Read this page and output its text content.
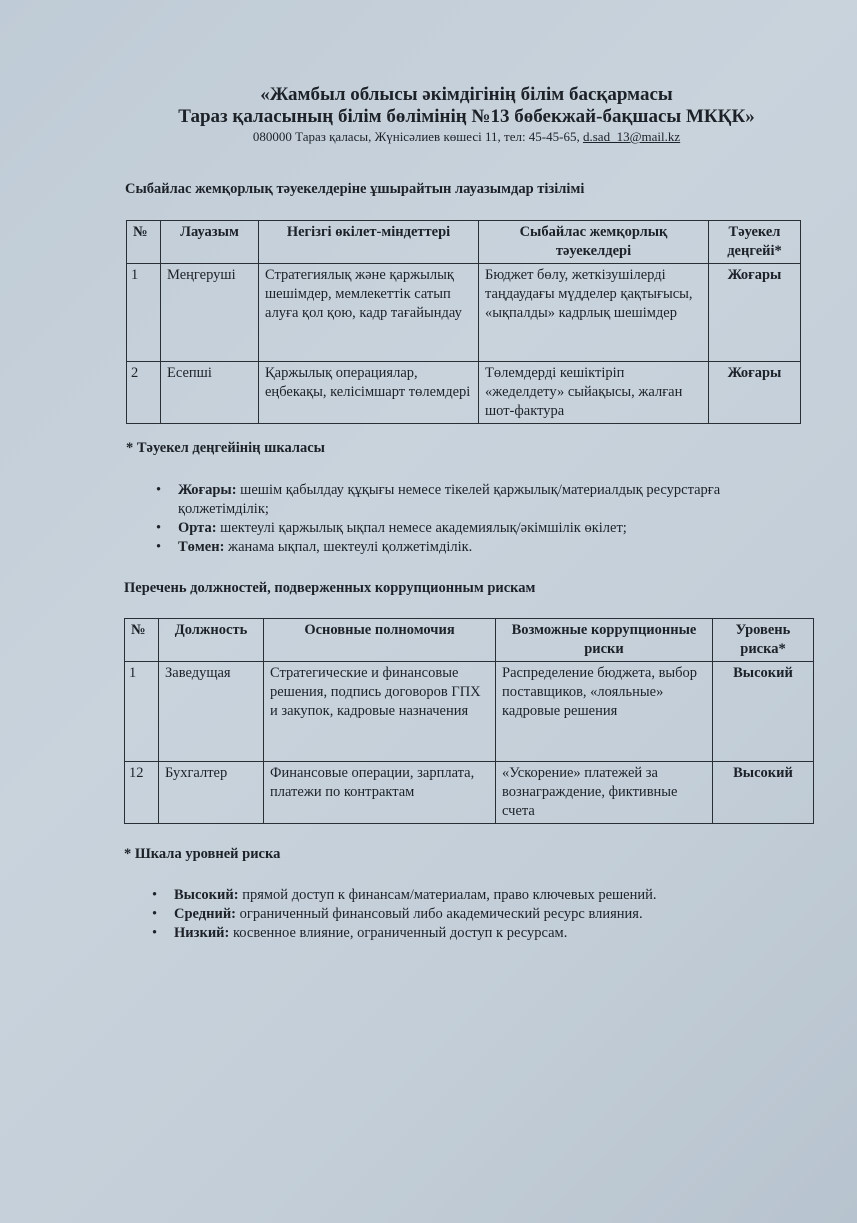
«Жамбыл облысы әкімдігінің білім басқармасы

Тараз қаласының білім бөлімінің №13 бөбекжай-бақшасы МКҚК»

080000 Тараз қаласы, Жүнісәлиев көшесі 11, тел: 45-45-65, d.sad_13@mail.kz

Сыбайлас жемқорлық тәуекелдеріне ұшырайтын лауазымдар тізілімі

№	Лауазым	Негізгі өкілет-міндеттері	Сыбайлас жемқорлық тәуекелдері	Тәуекел деңгейі*
1	Меңгеруші	Стратегиялық және қаржылық шешімдер, мемлекеттік сатып алуға қол қою, кадр тағайындау	Бюджет бөлу, жеткізушілерді таңдаудағы мүдделер қақтығысы, «ықпалды» кадрлық шешімдер	Жоғары
2	Есепші	Қаржылық операциялар, еңбекақы, келісімшарт төлемдері	Төлемдерді кешіктіріп «жеделдету» сыйақысы, жалған шот-фактура	Жоғары

* Тәуекел деңгейінің шкаласы

• Жоғары: шешім қабылдау құқығы немесе тікелей қаржылық/материалдық ресурстарға қолжетімділік;
• Орта: шектеулі қаржылық ықпал немесе академиялық/әкімшілік өкілет;
• Төмен: жанама ықпал, шектеулі қолжетімділік.

Перечень должностей, подверженных коррупционным рискам

№	Должность	Основные полномочия	Возможные коррупционные риски	Уровень риска*
1	Заведущая	Стратегические и финансовые решения, подпись договоров ГПХ и закупок, кадровые назначения	Распределение бюджета, выбор поставщиков, «лояльные» кадровые решения	Высокий
12	Бухгалтер	Финансовые операции, зарплата, платежи по контрактам	«Ускорение» платежей за вознаграждение, фиктивные счета	Высокий

* Шкала уровней риска

• Высокий: прямой доступ к финансам/материалам, право ключевых решений.
• Средний: ограниченный финансовый либо академический ресурс влияния.
• Низкий: косвенное влияние, ограниченный доступ к ресурсам.
